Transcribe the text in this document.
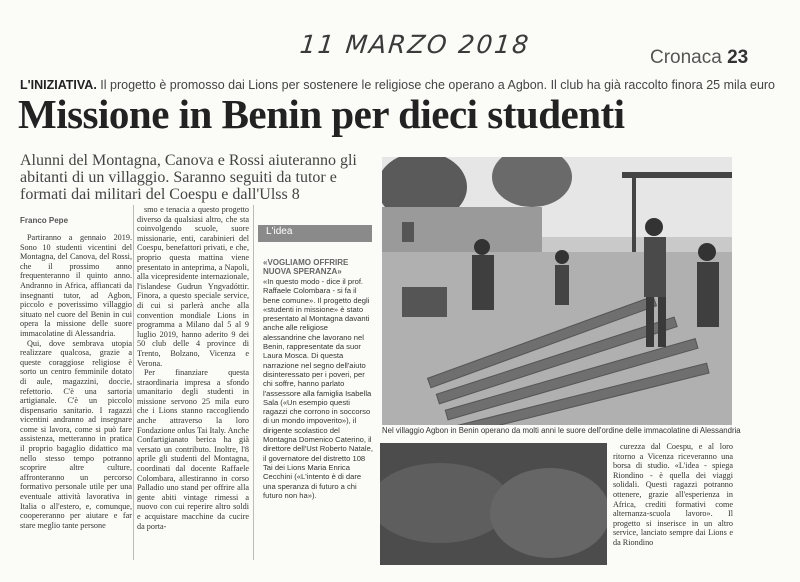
11 MARZO 2018	Cronaca 23
L'INIZIATIVA. Il progetto è promosso dai Lions per sostenere le religiose che operano a Agbon. Il club ha già raccolto finora 25 mila euro
Missione in Benin per dieci studenti
Alunni del Montagna, Canova e Rossi aiuteranno gli abitanti di un villaggio. Saranno seguiti da tutor e formati dai militari del Coespu e dall'Ulss 8
Franco Pepe

Partiranno a gennaio 2019. Sono 10 studenti vicentini del Montagna, del Canova, del Rossi, che il prossimo anno frequenteranno il quinto anno. Andranno in Africa, affiancati da insegnanti tutor, ad Agbon, piccolo e poverissimo villaggio situato nel cuore del Benin in cui opera la missione delle suore immacolatine di Alessandria.

Qui, dove sembrava utopia realizzare qualcosa, grazie a queste coraggiose religiose è sorto un centro femminile dotato di aule, magazzini, doccie, refettorio. C'è una sartoria artigianale. C'è un piccolo dispensario sanitario. I ragazzi vicentini andranno ad insegnare come si lavora, come si può fare assistenza, metteranno in pratica il proprio bagaglio didattico ma nello stesso tempo potranno scoprire altre culture, affronteranno un percorso formativo personale utile per una eventuale attività lavorativa in Italia o all'estero, e, comunque, coopereranno per aiutare e far stare meglio tante persone

smo e tenacia a questo progetto diverso da qualsiasi altro, che sta coinvolgendo scuole, suore missionarie, enti, carabinieri del Coespu, benefattori privati, e che, proprio questa mattina viene presentato in anteprima, a Napoli, alla vicepresidente internazionale, l'islandese Gudrun Yngvadóttir. Finora, a questo speciale service, di cui si parlerà anche alla convention mondiale Lions in programma a Milano dal 5 al 9 luglio 2019, hanno aderito 9 dei 50 club delle 4 province di Trento, Bolzano, Vicenza e Verona.

Per finanziare questa straordinaria impresa a sfondo umanitario degli studenti in missione servono 25 mila euro che i Lions stanno raccogliendo anche attraverso la loro Fondazione onlus Tai Italy. Anche Confartigianato berica ha già versato un contributo. Inoltre, l'8 aprile gli studenti del Montagna, coordinati dal docente Raffaele Colombara, allestiranno in corso Palladio uno stand per offrire alla gente abiti vintage rimessi a nuovo con cui reperire altro soldi e acquistare macchine da cucire da porta-

L'idea
«VOGLIAMO OFFRIRE NUOVA SPERANZA»
«In questo modo - dice il prof. Raffaele Colombara - si fa il bene comune». Il progetto degli «studenti in missione» è stato presentato al Montagna davanti anche alle religiose alessandrine che lavorano nel Benin, rappresentate da suor Laura Mosca. Di questa narrazione nel segno dell'aiuto disinteressato per i poveri, per chi soffre, hanno parlato l'assessore alla famiglia Isabella Sala («Un esempio questi ragazzi che corrono in soccorso di un mondo impoverito»), il dirigente scolastico del Montagna Domenico Caterino, il direttore dell'Ust Roberto Natale, il governatore del distretto 108 Tai dei Lions Maria Enrica Cecchini («L'intento è di dare una speranza di futuro a chi futuro non ha»).
Nel villaggio Agbon in Benin operano da molti anni le suore dell'ordine delle immacolatine di Alessandria

curezza dal Coespu, e al loro ritorno a Vicenza riceveranno una borsa di studio. «L'idea - spiega Riondino - è quella dei viaggi solidali. Questi ragazzi potranno ottenere, grazie all'esperienza in Africa, crediti formativi come alternanza-scuola lavoro». Il progetto si inserisce in un altro service, lanciato sempre dai Lions e da Riondino
